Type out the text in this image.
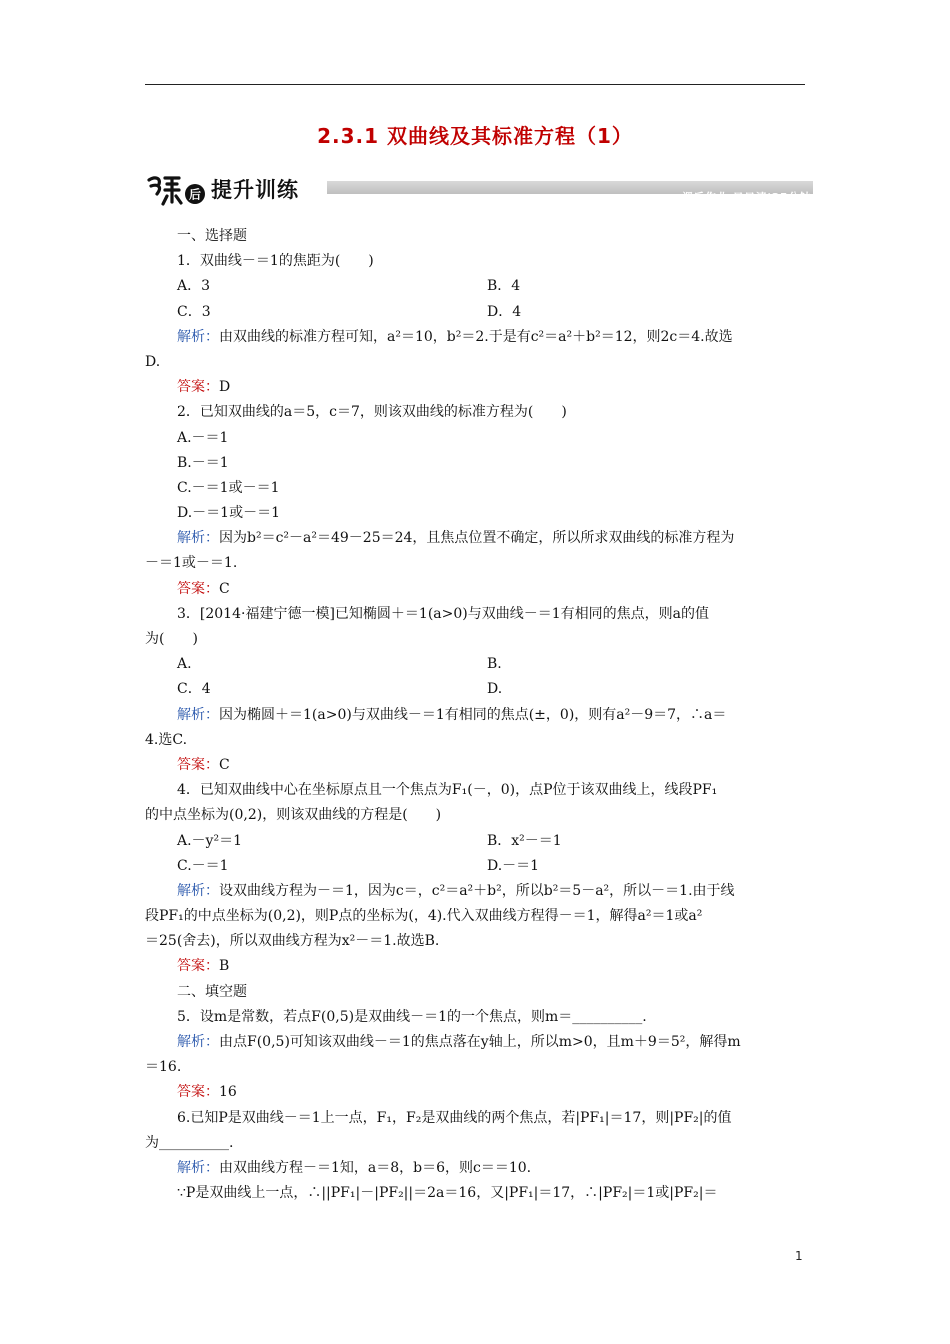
2.3.1 双曲线及其标准方程（1）
后 提升训练	课后作业·日日清|35分钟
一、选择题
1．双曲线－＝1的焦距为(　　)
A．3	B．4
C．3	D．4
解析：由双曲线的标准方程可知，a²＝10，b²＝2.于是有c²＝a²＋b²＝12，则2c＝4.故选
D.
答案：D
2．已知双曲线的a＝5，c＝7，则该双曲线的标准方程为(　　)
A.－＝1
B.－＝1
C.－＝1或－＝1
D.－＝1或－＝1
解析：因为b²＝c²－a²＝49－25＝24，且焦点位置不确定，所以所求双曲线的标准方程为
－＝1或－＝1.
答案：C
3．[2014·福建宁德一模]已知椭圆＋＝1(a>0)与双曲线－＝1有相同的焦点，则a的值
为(　　)
A.	B.
C．4	D.
解析：因为椭圆＋＝1(a>0)与双曲线－＝1有相同的焦点(±，0)，则有a²－9＝7，∴a＝
4.选C.
答案：C
4．已知双曲线中心在坐标原点且一个焦点为F₁(－，0)，点P位于该双曲线上，线段PF₁
的中点坐标为(0,2)，则该双曲线的方程是(　　)
A.－y²＝1	B．x²－＝1
C.－＝1	D.－＝1
解析：设双曲线方程为－＝1，因为c＝，c²＝a²＋b²，所以b²＝5－a²，所以－＝1.由于线
段PF₁的中点坐标为(0,2)，则P点的坐标为(，4).代入双曲线方程得－＝1，解得a²＝1或a²
＝25(舍去)，所以双曲线方程为x²－＝1.故选B.
答案：B
二、填空题
5．设m是常数，若点F(0,5)是双曲线－＝1的一个焦点，则m＝__________.
解析：由点F(0,5)可知该双曲线－＝1的焦点落在y轴上，所以m>0，且m＋9＝5²，解得m
＝16.
答案：16
6.已知P是双曲线－＝1上一点，F₁，F₂是双曲线的两个焦点，若|PF₁|＝17，则|PF₂|的值
为__________.
解析：由双曲线方程－＝1知，a＝8，b＝6，则c＝＝10.
∵P是双曲线上一点，∴||PF₁|－|PF₂||＝2a＝16，又|PF₁|＝17，∴|PF₂|＝1或|PF₂|＝
1
